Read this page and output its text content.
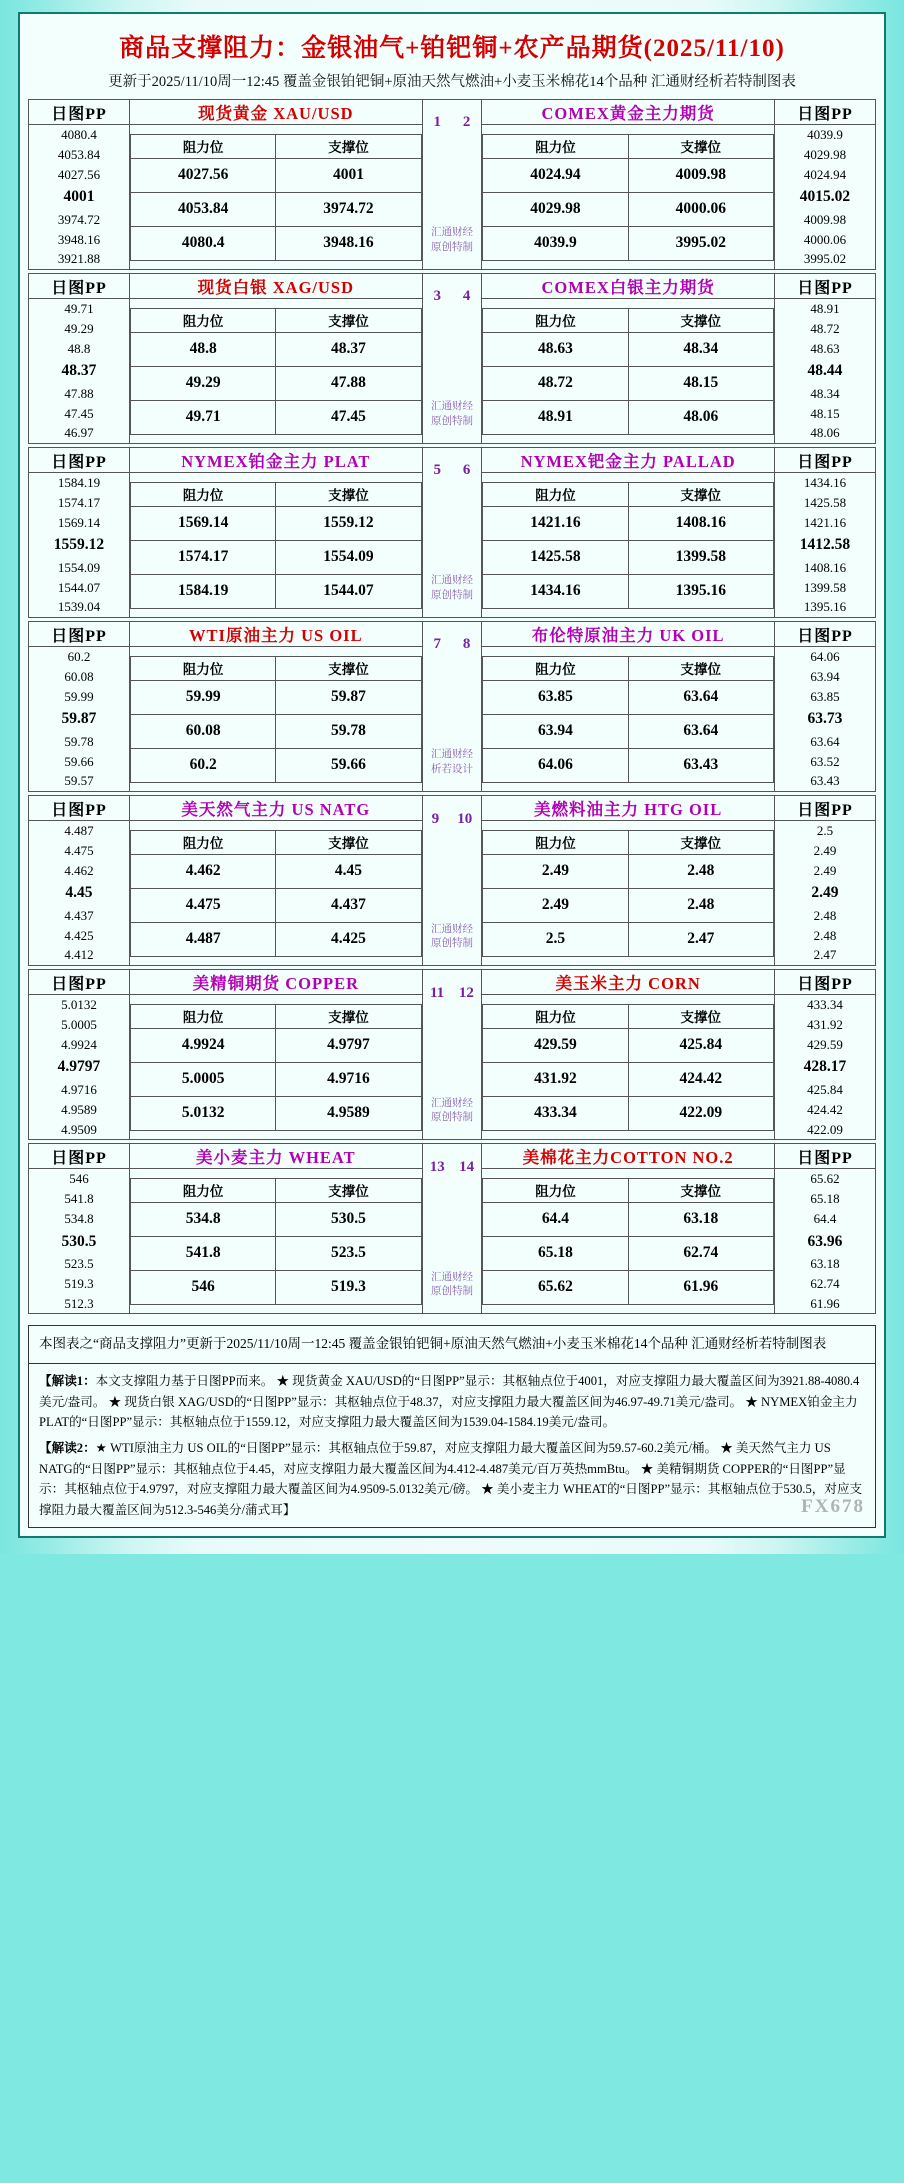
商品支撑阻力：金银油气+铂钯铜+农产品期货(2025/11/10)
更新于2025/11/10周一12:45 覆盖金银铂钯铜+原油天然气燃油+小麦玉米棉花14个品种 汇通财经析若特制图表
日图PP	现货黄金 XAU/USD	1 2
汇通财经
原创特制
	COMEX黄金主力期货	日图PP

4080.4
4053.84
4027.56
4001
3974.72
3948.16
3921.88

阻力位	支撑位
4027.56	4001
4053.84	3974.72
4080.4	3948.16

阻力位	支撑位
4024.94	4009.98
4029.98	4000.06
4039.9	3995.02

4039.9
4029.98
4024.94
4015.02
4009.98
4000.06
3995.02
日图PP	现货白银 XAG/USD	3 4
汇通财经
原创特制
	COMEX白银主力期货	日图PP

49.71
49.29
48.8
48.37
47.88
47.45
46.97

阻力位	支撑位
48.8	48.37
49.29	47.88
49.71	47.45

阻力位	支撑位
48.63	48.34
48.72	48.15
48.91	48.06

48.91
48.72
48.63
48.44
48.34
48.15
48.06
日图PP	NYMEX铂金主力 PLAT	5 6
汇通财经
原创特制
	NYMEX钯金主力 PALLAD	日图PP

1584.19
1574.17
1569.14
1559.12
1554.09
1544.07
1539.04

阻力位	支撑位
1569.14	1559.12
1574.17	1554.09
1584.19	1544.07

阻力位	支撑位
1421.16	1408.16
1425.58	1399.58
1434.16	1395.16

1434.16
1425.58
1421.16
1412.58
1408.16
1399.58
1395.16
日图PP	WTI原油主力 US OIL	7 8
汇通财经
析若设计
	布伦特原油主力 UK OIL	日图PP

60.2
60.08
59.99
59.87
59.78
59.66
59.57

阻力位	支撑位
59.99	59.87
60.08	59.78
60.2	59.66

阻力位	支撑位
63.85	63.64
63.94	63.64
64.06	63.43

64.06
63.94
63.85
63.73
63.64
63.52
63.43
日图PP	美天然气主力 US NATG	9 10
汇通财经
原创特制
	美燃料油主力 HTG OIL	日图PP

4.487
4.475
4.462
4.45
4.437
4.425
4.412

阻力位	支撑位
4.462	4.45
4.475	4.437
4.487	4.425

阻力位	支撑位
2.49	2.48
2.49	2.48
2.5	2.47

2.5
2.49
2.49
2.49
2.48
2.48
2.47
日图PP	美精铜期货 COPPER	11 12
汇通财经
原创特制
	美玉米主力 CORN	日图PP

5.0132
5.0005
4.9924
4.9797
4.9716
4.9589
4.9509

阻力位	支撑位
4.9924	4.9797
5.0005	4.9716
5.0132	4.9589

阻力位	支撑位
429.59	425.84
431.92	424.42
433.34	422.09

433.34
431.92
429.59
428.17
425.84
424.42
422.09
日图PP	美小麦主力 WHEAT	13 14
汇通财经
原创特制
	美棉花主力COTTON NO.2	日图PP

546
541.8
534.8
530.5
523.5
519.3
512.3

阻力位	支撑位
534.8	530.5
541.8	523.5
546	519.3

阻力位	支撑位
64.4	63.18
65.18	62.74
65.62	61.96

65.62
65.18
64.4
63.96
63.18
62.74
61.96
本图表之“商品支撑阻力”更新于2025/11/10周一12:45 覆盖金银铂钯铜+原油天然气燃油+小麦玉米棉花14个品种 汇通财经析若特制图表
【解读1：本文支撑阻力基于日图PP而来。 ★ 现货黄金 XAU/USD的“日图PP”显示：其枢轴点位于4001，对应支撑阻力最大覆盖区间为3921.88-4080.4美元/盎司。 ★ 现货白银 XAG/USD的“日图PP”显示：其枢轴点位于48.37，对应支撑阻力最大覆盖区间为46.97-49.71美元/盎司。 ★ NYMEX铂金主力 PLAT的“日图PP”显示：其枢轴点位于1559.12，对应支撑阻力最大覆盖区间为1539.04-1584.19美元/盎司。
【解读2：★ WTI原油主力 US OIL的“日图PP”显示：其枢轴点位于59.87，对应支撑阻力最大覆盖区间为59.57-60.2美元/桶。 ★ 美天然气主力 US NATG的“日图PP”显示：其枢轴点位于4.45，对应支撑阻力最大覆盖区间为4.412-4.487美元/百万英热mmBtu。 ★ 美精铜期货 COPPER的“日图PP”显示：其枢轴点位于4.9797，对应支撑阻力最大覆盖区间为4.9509-5.0132美元/磅。 ★ 美小麦主力 WHEAT的“日图PP”显示：其枢轴点位于530.5，对应支撑阻力最大覆盖区间为512.3-546美分/蒲式耳】	FX678
